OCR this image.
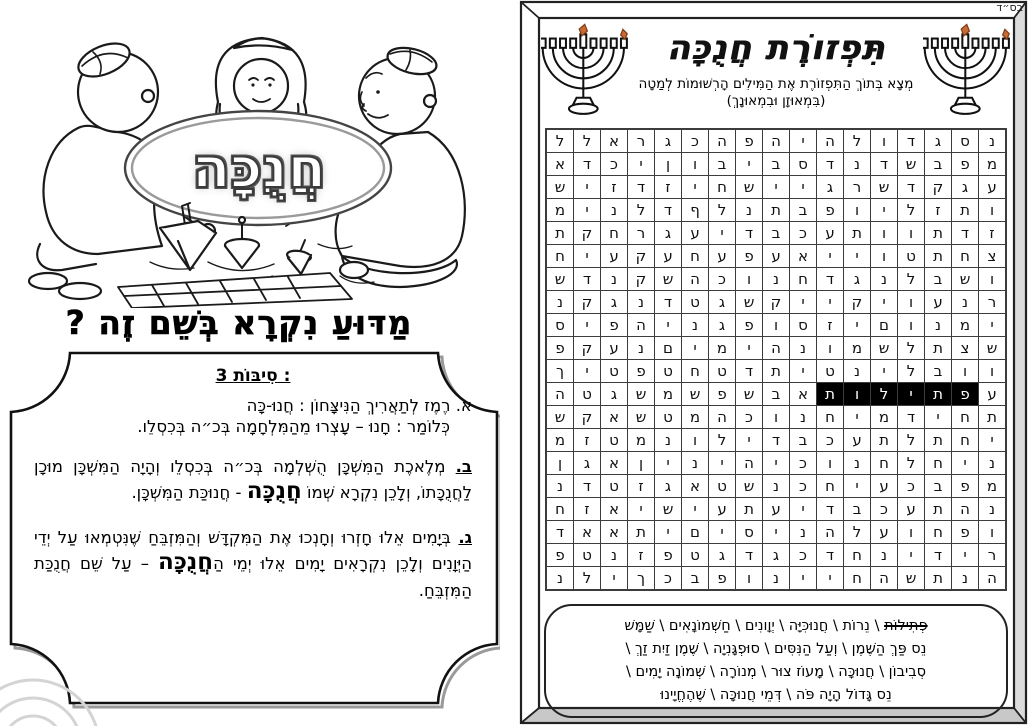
חֲנֻכָּה
מַדּוּעַ נִקְרָא בְּשֵׁם זֶה ?
3 סִיבּוֹת :
א. רֶמֶז לְתַאֲרִיךְ הַנִּיצָּחוֹן : חֲנוּ-כָּה
כְּלוֹמַר : חָנוּ – עָצְרוּ מֵהַמִּלְחָמָה בְּכ״ה בְּכִסְלֵו.

ב. מְלֶאכֶת הַמִּשְׁכָּן הֻשְׁלְמָה בְּכ״ה בְּכִסְלֵו וְהָיָה הַמִּשְׁכָּן מוּכָן לַחֲנֻכָּתוֹ, וְלָכֵן נִקְרָא שְׁמוֹ חֲנֻכָּה - חֲנוּכַּת הַמִּשְׁכָּן.

ג. בְּיָמִים אֵלוּ חָזְרוּ וְחָנְכוּ אֶת הַמִּקְדָּשׁ וְהַמִּזְבֵּחַ שֶׁנִּטְמְאוּ עַל יְדֵי הַיְּוָנִים וְלָכֵן נִקְרָאִים יָמִים אֵלוּ יְמֵי הַחֲנֻכָּה – עַל שֵׁם חֲנֻכַּת הַמִּזְבֵּחַ.

בס״ד
תִּפְזוֹרֶת חֲנֻכָּה
מְצָא בְּתוֹךְ הַתִּפְזוֹרֶת אֶת הַמִּילִים הָרְשׁוּמוֹת לְמַטָה
(בִּמְאוּזָן וּבִמְאוּנָךְ)
נ
ס
ג
ד
ו
ל
ה
י
ה
פ
ה
כ
ג
ר
א
ל
ל
מ
פ
ב
ש
ד
נ
ד
ס
ב
י
ב
ו
ן
י
כ
ד
א
ע
ג
ק
ד
ש
ר
ג
י
י
ש
ח
י
ז
ד
ז
י
ש
ו
ת
ז
ל
י
ו
פ
ב
ת
נ
ל
ף
ד
ל
נ
י
מ
ז
ד
ת
ו
ו
ת
ע
כ
ב
ד
י
ע
ג
ר
ח
ק
ת
צ
ח
ת
ט
ו
י
י
א
ע
פ
ע
ח
ע
ק
ע
י
ח
ו
ש
ב
ל
נ
ג
ד
ח
נ
ו
כ
ה
ש
ק
נ
ד
ש
ר
נ
ע
ו
י
ק
י
י
ק
ש
ג
ט
ד
נ
ג
ק
נ
י
מ
נ
ו
ם
י
ז
ס
ו
פ
ג
נ
י
ה
פ
י
ס
ש
צ
ת
ל
ש
מ
ו
נ
ה
י
מ
י
ם
נ
ע
ק
פ
ו
ו
ב
ל
י
נ
ט
י
ת
ד
ט
ח
ט
פ
ט
י
ך
ע
פ
ת
י
ל
ו
ת
א
ב
ש
פ
ש
מ
ש
ג
ט
ה
ת
ח
י
ד
מ
י
ח
נ
ו
כ
ה
מ
ט
ש
א
ק
ש
י
ח
ת
ל
ת
ע
כ
ב
ד
י
ל
ו
נ
מ
ט
ז
מ
נ
י
ח
ל
ח
נ
ו
כ
י
ה
י
נ
י
ן
א
ג
ן
מ
פ
ב
כ
ע
י
ח
כ
נ
ש
ט
א
ג
ז
ט
ד
נ
נ
ה
ת
ע
כ
ב
ד
י
ע
ת
ע
י
ש
י
א
ז
ח
ו
פ
ח
ו
ע
ל
ה
נ
י
ס
י
ם
י
ת
א
א
ד
ר
י
ד
י
נ
ח
ד
כ
ג
ד
ג
ט
פ
ז
נ
ט
פ
ה
נ
ת
ש
ה
ח
י
י
נ
ו
פ
ב
כ
ך
י
ל
נ
פְּתִילוֹת \ נֵרוֹת \ חֲנוּכִּיָּה \ יְוָונִים \ חַשְׁמוֹנָאִים \ שַׁמָּשׁ
נֵס פַּךְ הַשֶּׁמֶן \ וְעַל הַנִּסִּים \ סוּפְגָּנִיָה \ שֶׁמֶן זַיִת זַךְ \
סְבִיבוֹן \ חֲנוּכָּה \ מָעוֹז צוּר \ מְנוֹרָה \ שְׁמוֹנָה יָמִים \
נֵס גָּדוֹל הָיָה פֹּה \ דְּמֵי חֲנוּכָּה \ שֶׁהֶחֱיָינוּ
